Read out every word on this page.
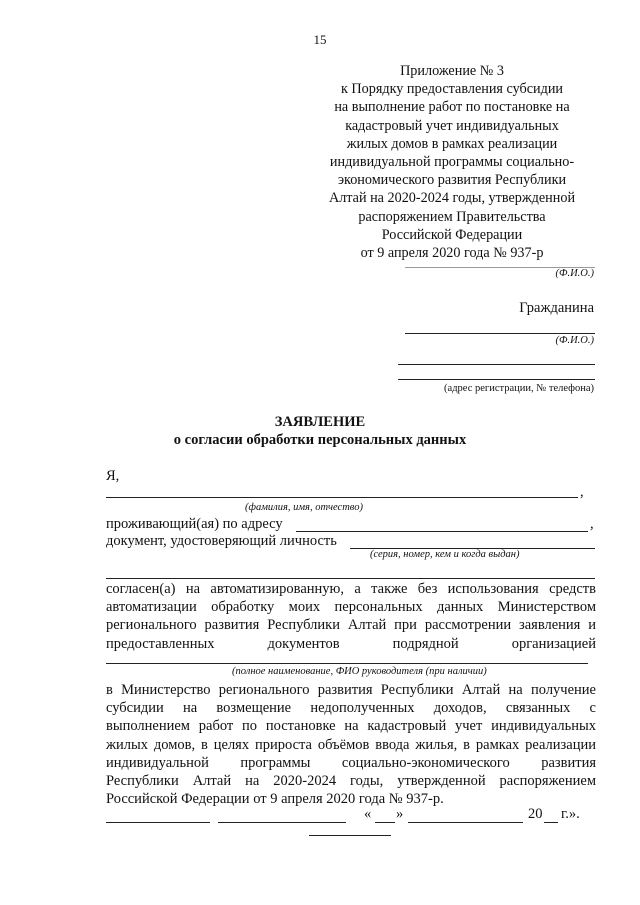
15
Приложение № 3
к Порядку предоставления субсидии
на выполнение работ по постановке на
кадастровый учет индивидуальных
жилых домов в рамках реализации
индивидуальной программы социально-
экономического развития Республики
Алтай на 2020-2024 годы, утвержденной
распоряжением Правительства
Российской Федерации
от 9 апреля 2020 года № 937-р
(Ф.И.О.)
Гражданина
(Ф.И.О.)
(адрес регистрации, № телефона)
ЗАЯВЛЕНИЕ
о согласии обработки персональных данных
Я,
,
(фамилия, имя, отчество)
проживающий(ая) по адресу	,
документ, удостоверяющий личность
(серия, номер, кем и когда выдан)
согласен(а) на автоматизированную, а также без использования средств
автоматизации обработку моих персональных данных Министерством
регионального развития Республики Алтай при рассмотрении заявления и
предоставленных документов подрядной организацией
(полное наименование, ФИО руководителя (при наличии)
в Министерство регионального развития Республики Алтай на получение
субсидии на возмещение недополученных доходов, связанных с
выполнением работ по постановке на кадастровый учет индивидуальных
жилых домов, в целях прироста объёмов ввода жилья, в рамках реализации
индивидуальной программы социально-экономического развития
Республики Алтай на 2020-2024 годы, утвержденной распоряжением
Российской Федерации от 9 апреля 2020 года № 937-р.
« »	20 г.».
